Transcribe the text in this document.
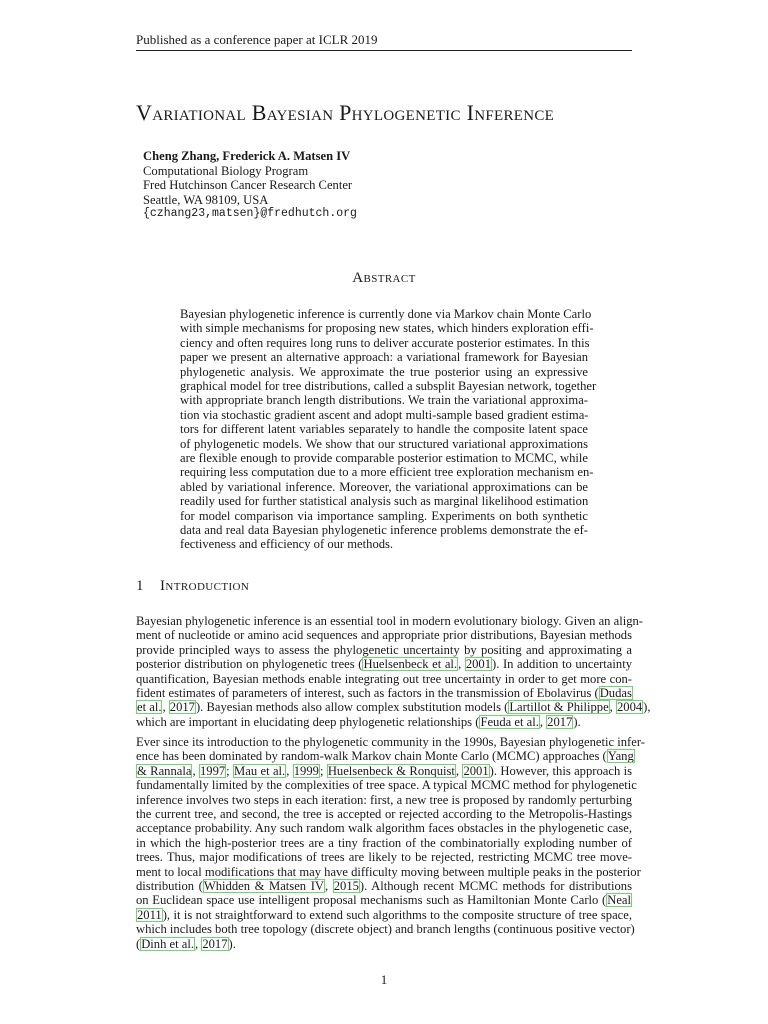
Published as a conference paper at ICLR 2019
Variational Bayesian Phylogenetic Inference
Cheng Zhang, Frederick A. Matsen IV
Computational Biology Program
Fred Hutchinson Cancer Research Center
Seattle, WA 98109, USA
{czhang23,matsen}@fredhutch.org
Abstract
Bayesian phylogenetic inference is currently done via Markov chain Monte Carlo
with simple mechanisms for proposing new states, which hinders exploration effi-
ciency and often requires long runs to deliver accurate posterior estimates. In this
paper we present an alternative approach: a variational framework for Bayesian
phylogenetic analysis. We approximate the true posterior using an expressive
graphical model for tree distributions, called a subsplit Bayesian network, together
with appropriate branch length distributions. We train the variational approxima-
tion via stochastic gradient ascent and adopt multi-sample based gradient estima-
tors for different latent variables separately to handle the composite latent space
of phylogenetic models. We show that our structured variational approximations
are flexible enough to provide comparable posterior estimation to MCMC, while
requiring less computation due to a more efficient tree exploration mechanism en-
abled by variational inference. Moreover, the variational approximations can be
readily used for further statistical analysis such as marginal likelihood estimation
for model comparison via importance sampling. Experiments on both synthetic
data and real data Bayesian phylogenetic inference problems demonstrate the ef-
fectiveness and efficiency of our methods.
1 Introduction
Bayesian phylogenetic inference is an essential tool in modern evolutionary biology. Given an align-
ment of nucleotide or amino acid sequences and appropriate prior distributions, Bayesian methods
provide principled ways to assess the phylogenetic uncertainty by positing and approximating a
posterior distribution on phylogenetic trees (Huelsenbeck et al., 2001). In addition to uncertainty
quantification, Bayesian methods enable integrating out tree uncertainty in order to get more con-
fident estimates of parameters of interest, such as factors in the transmission of Ebolavirus (Dudas
et al., 2017). Bayesian methods also allow complex substitution models (Lartillot & Philippe, 2004),
which are important in elucidating deep phylogenetic relationships (Feuda et al., 2017).
Ever since its introduction to the phylogenetic community in the 1990s, Bayesian phylogenetic infer-
ence has been dominated by random-walk Markov chain Monte Carlo (MCMC) approaches (Yang
& Rannala, 1997; Mau et al., 1999; Huelsenbeck & Ronquist, 2001). However, this approach is
fundamentally limited by the complexities of tree space. A typical MCMC method for phylogenetic
inference involves two steps in each iteration: first, a new tree is proposed by randomly perturbing
the current tree, and second, the tree is accepted or rejected according to the Metropolis-Hastings
acceptance probability. Any such random walk algorithm faces obstacles in the phylogenetic case,
in which the high-posterior trees are a tiny fraction of the combinatorially exploding number of
trees. Thus, major modifications of trees are likely to be rejected, restricting MCMC tree move-
ment to local modifications that may have difficulty moving between multiple peaks in the posterior
distribution (Whidden & Matsen IV, 2015). Although recent MCMC methods for distributions
on Euclidean space use intelligent proposal mechanisms such as Hamiltonian Monte Carlo (Neal
2011), it is not straightforward to extend such algorithms to the composite structure of tree space,
which includes both tree topology (discrete object) and branch lengths (continuous positive vector)
(Dinh et al., 2017).
1
